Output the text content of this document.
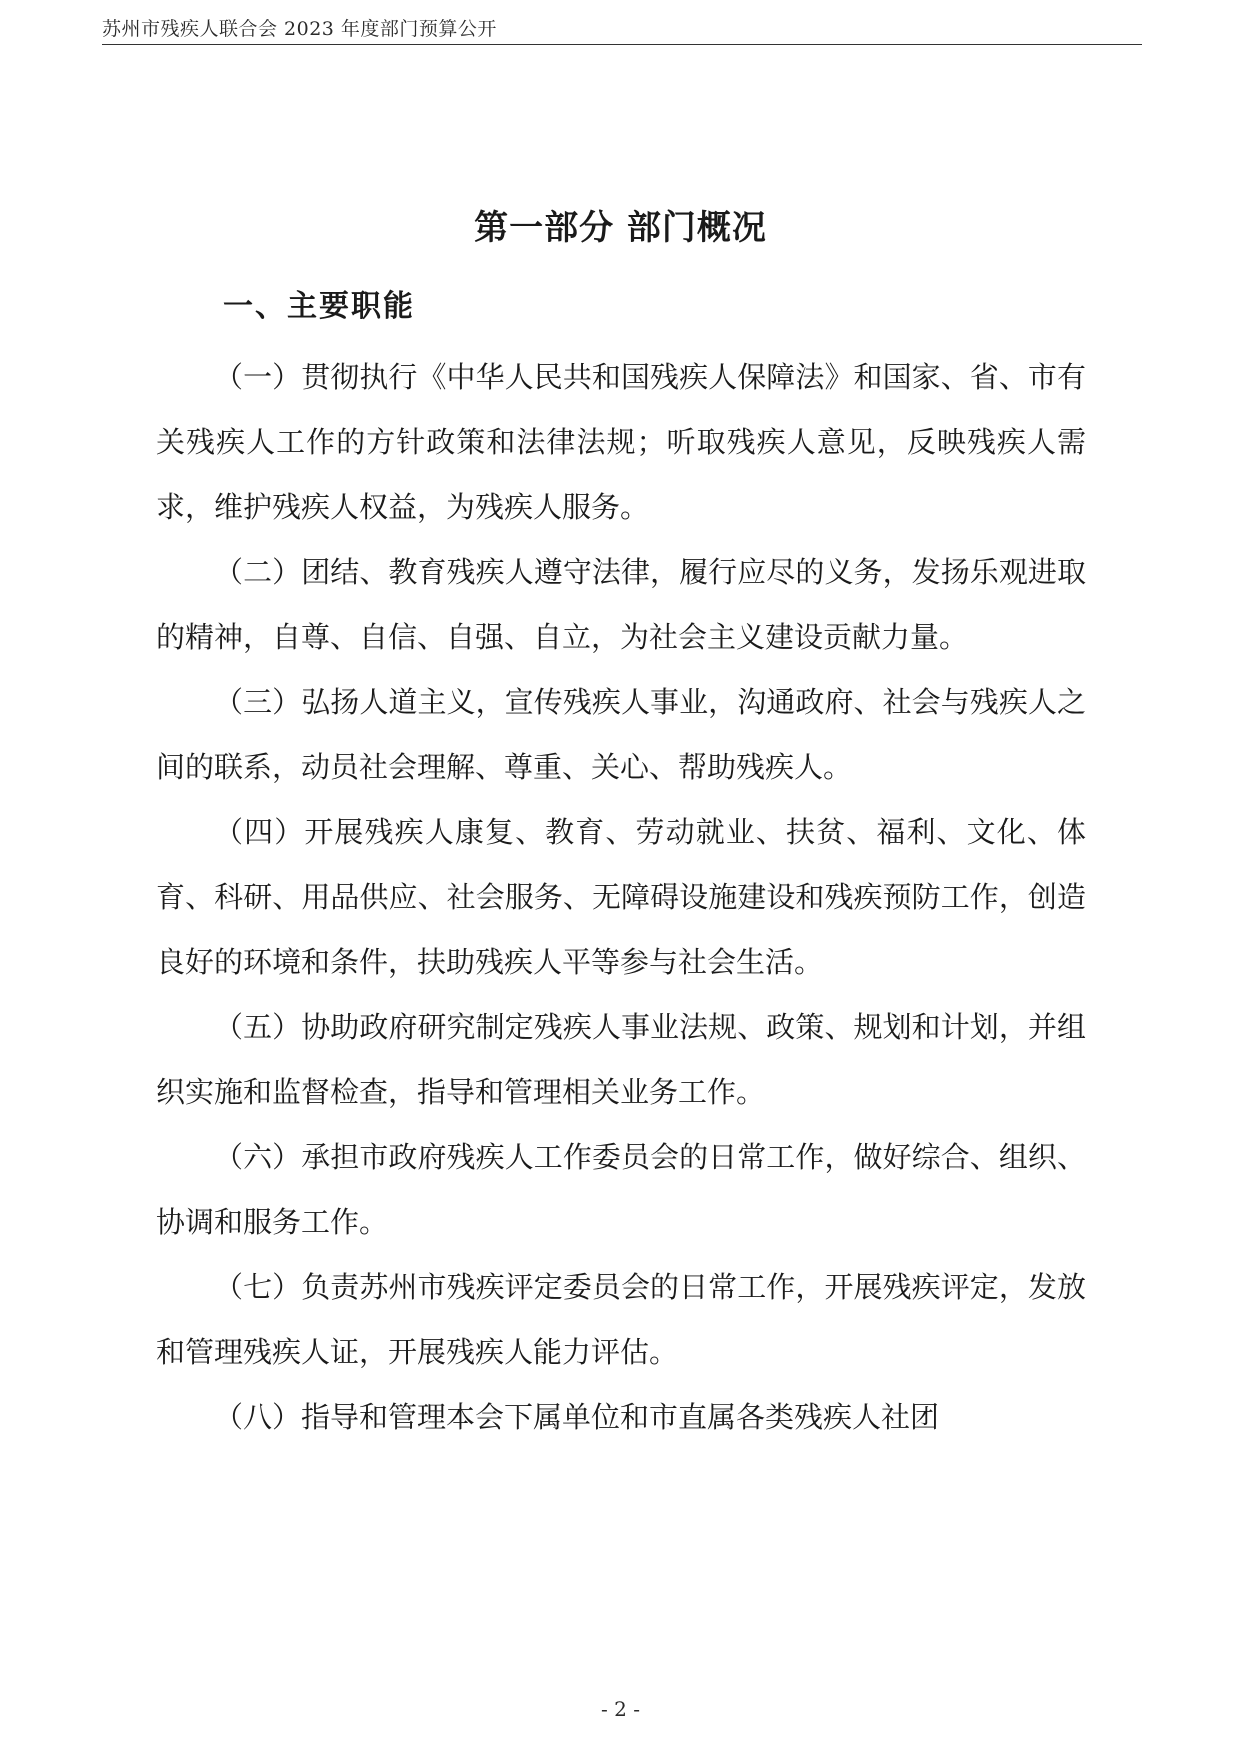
苏州市残疾人联合会 2023 年度部门预算公开
第一部分 部门概况
一、主要职能

（一）贯彻执行《中华人民共和国残疾人保障法》和国家、省、市有关残疾人工作的方针政策和法律法规；听取残疾人意见，反映残疾人需求，维护残疾人权益，为残疾人服务。

（二）团结、教育残疾人遵守法律，履行应尽的义务，发扬乐观进取的精神，自尊、自信、自强、自立，为社会主义建设贡献力量。

（三）弘扬人道主义，宣传残疾人事业，沟通政府、社会与残疾人之间的联系，动员社会理解、尊重、关心、帮助残疾人。

（四）开展残疾人康复、教育、劳动就业、扶贫、福利、文化、体育、科研、用品供应、社会服务、无障碍设施建设和残疾预防工作，创造良好的环境和条件，扶助残疾人平等参与社会生活。

（五）协助政府研究制定残疾人事业法规、政策、规划和计划，并组织实施和监督检查，指导和管理相关业务工作。

（六）承担市政府残疾人工作委员会的日常工作，做好综合、组织、协调和服务工作。

（七）负责苏州市残疾评定委员会的日常工作，开展残疾评定，发放和管理残疾人证，开展残疾人能力评估。

（八）指导和管理本会下属单位和市直属各类残疾人社团

- 2 -
